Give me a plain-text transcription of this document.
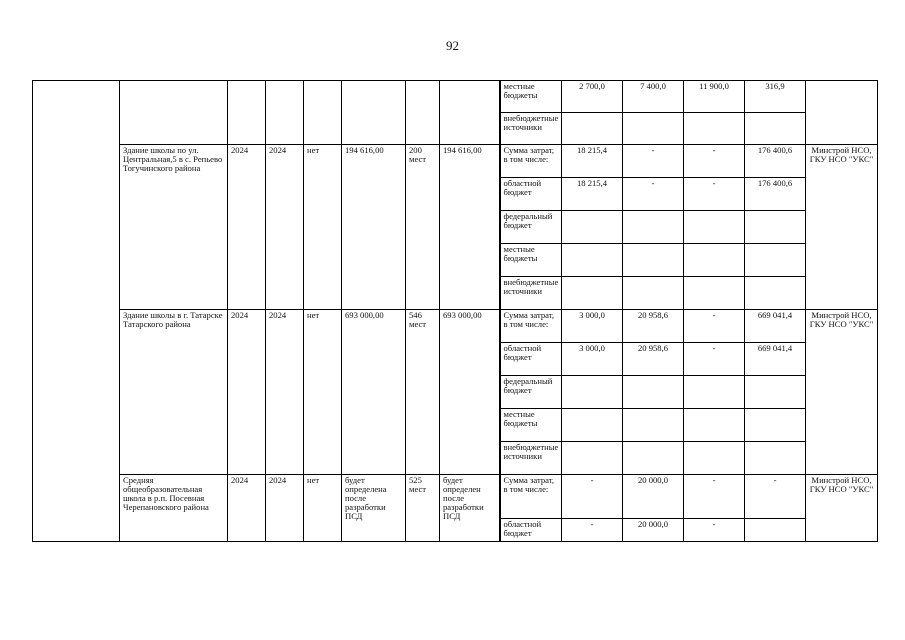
92
								местные бюджеты	2 700,0	7 400,0	11 900,0	316,9	
								внебюджетные источники					
	Здание школы по ул. Центральная,5 в с. Репьево Тогучинского района	2024	2024	нет	194 616,00	200 мест	194 616,00	Сумма затрат, в том числе:	18 215,4	-	-	176 400,6	Минстрой НСО, ГКУ НСО "УКС"
								областной бюджет	18 215,4	-	-	176 400,6	
								федеральный бюджет					
								местные бюджеты					
								внебюджетные источники					
	Здание школы в г. Татарске Татарского района	2024	2024	нет	693 000,00	546 мест	693 000,00	Сумма затрат, в том числе:	3 000,0	20 958,6	-	669 041,4	Минстрой НСО, ГКУ НСО "УКС"
								областной бюджет	3 000,0	20 958,6	-	669 041,4	
								федеральный бюджет					
								местные бюджеты					
								внебюджетные источники					
	Средняя общеобразовательная школа в р.п. Посевная Черепановского района	2024	2024	нет	будет определена после разработки ПСД	525 мест	будет определен после разработки ПСД	Сумма затрат, в том числе:	-	20 000,0	-	-	Минстрой НСО, ГКУ НСО "УКС"
								областной бюджет	-	20 000,0	-		
